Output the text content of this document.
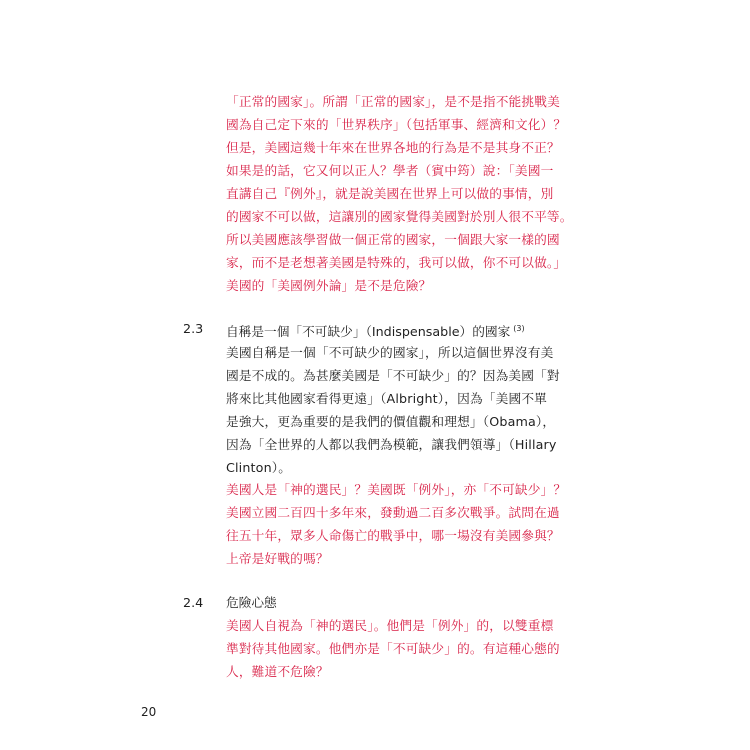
「正常的國家」。所謂「正常的國家」，是不是指不能挑戰美
國為自己定下來的「世界秩序」（包括軍事、經濟和文化）？
但是，美國這幾十年來在世界各地的行為是不是其身不正？
如果是的話，它又何以正人？學者（賓中筠）說：「美國一
直講自己『例外』，就是說美國在世界上可以做的事情，別
的國家不可以做，這讓別的國家覺得美國對於別人很不平等。
所以美國應該學習做一個正常的國家，一個跟大家一樣的國
家，而不是老想著美國是特殊的，我可以做，你不可以做。」
美國的「美國例外論」是不是危險？
2.3 自稱是一個「不可缺少」（Indispensable）的國家 $^{(3)}$
美國自稱是一個「不可缺少的國家」，所以這個世界沒有美
國是不成的。為甚麼美國是「不可缺少」的？因為美國「對
將來比其他國家看得更遠」（Albright），因為「美國不單
是強大，更為重要的是我們的價值觀和理想」（Obama），
因為「全世界的人都以我們為模範，讓我們領導」（Hillary
Clinton）。
美國人是「神的選民」？美國既「例外」，亦「不可缺少」？
美國立國二百四十多年來，發動過二百多次戰爭。試問在過
往五十年，眾多人命傷亡的戰爭中，哪一場沒有美國參與？
上帝是好戰的嗎？
2.4 危險心態
美國人自視為「神的選民」。他們是「例外」的，以雙重標
準對待其他國家。他們亦是「不可缺少」的。有這種心態的
人，難道不危險？
20
